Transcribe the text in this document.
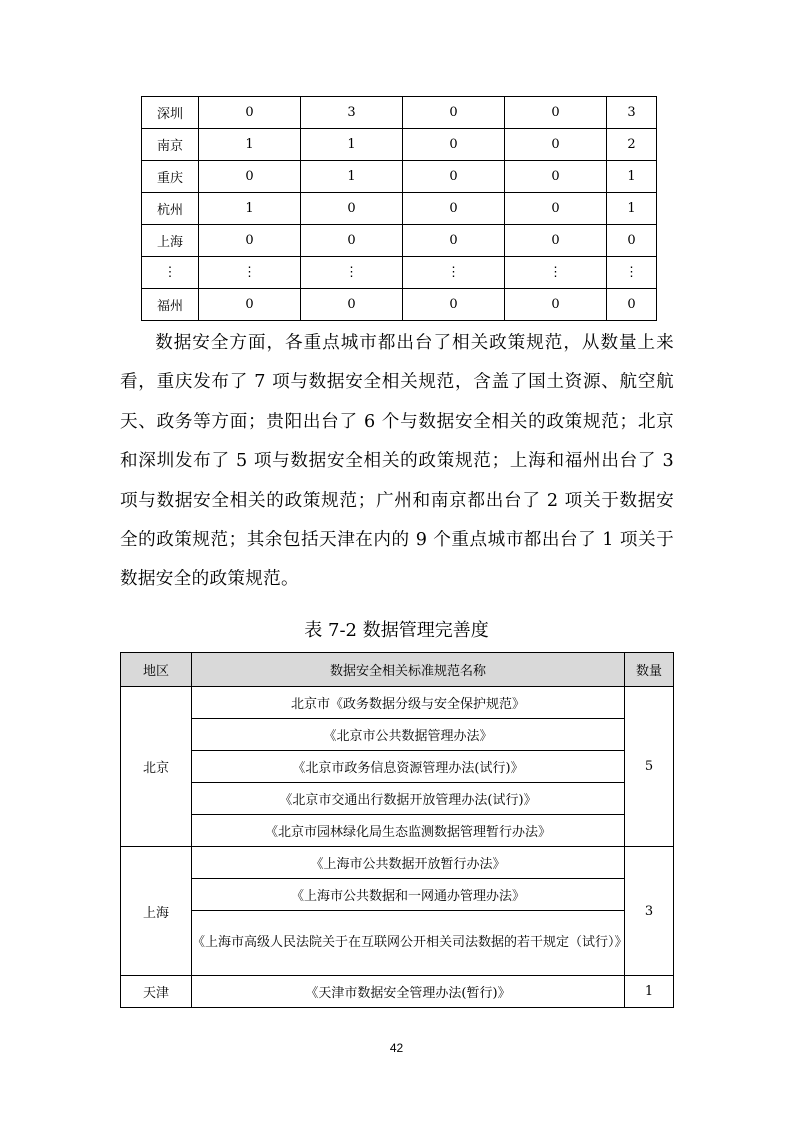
深圳	0	3	0	0	3
南京	1	1	0	0	2
重庆	0	1	0	0	1
杭州	1	0	0	0	1
上海	0	0	0	0	0
⋮	⋮	⋮	⋮	⋮	⋮
福州	0	0	0	0	0

数据安全方面，各重点城市都出台了相关政策规范，从数量上来看，重庆发布了 7 项与数据安全相关规范，含盖了国土资源、航空航天、政务等方面；贵阳出台了 6 个与数据安全相关的政策规范；北京和深圳发布了 5 项与数据安全相关的政策规范；上海和福州出台了 3 项与数据安全相关的政策规范；广州和南京都出台了 2 项关于数据安全的政策规范；其余包括天津在内的 9 个重点城市都出台了 1 项关于数据安全的政策规范。

表 7-2 数据管理完善度
地区	数据安全相关标准规范名称	数量
北京	北京市《政务数据分级与安全保护规范》	5
	《北京市公共数据管理办法》	
	《北京市政务信息资源管理办法(试行)》	
	《北京市交通出行数据开放管理办法(试行)》	
	《北京市园林绿化局生态监测数据管理暂行办法》	
上海	《上海市公共数据开放暂行办法》	3
	《上海市公共数据和一网通办管理办法》	
	《上海市高级人民法院关于在互联网公开相关司法数据的若干规定（试行）》	
天津	《天津市数据安全管理办法(暂行)》	1
42
